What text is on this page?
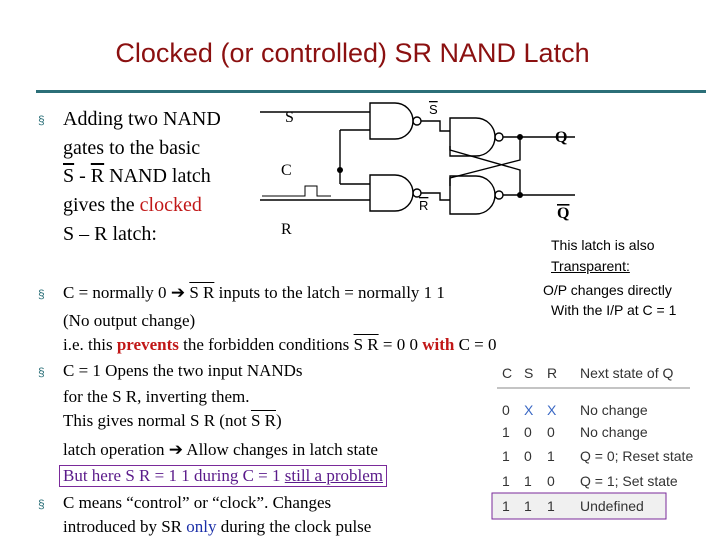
Clocked (or controlled) SR NAND Latch
§ Adding two NAND
gates to the basic
$\overline{S} - \overline{R}$ NAND latch
gives the clocked
S – R latch:
S
C
R
S
R
Q
Q
This latch is also
Transparent:
O/P changes directly
With the I/P at C = 1
§ C = normally 0 ➔ S R inputs to the latch = normally 1 1
(No output change)
i.e. this prevents the forbidden conditions S R = 0 0 with C = 0
§ C = 1 Opens the two input NANDs
for the S R, inverting them.
This gives normal S R (not S R)
latch operation ➔ Allow changes in latch state
But here S R = 1 1 during C = 1 still a problem
§ C means “control” or “clock”. Changes
introduced by SR only during the clock pulse
C S R Next state of Q
0 X X No change
1 0 0 No change
1 0 1 Q = 0; Reset state
1 1 0 Q = 1; Set state
1 1 1 Undefined
